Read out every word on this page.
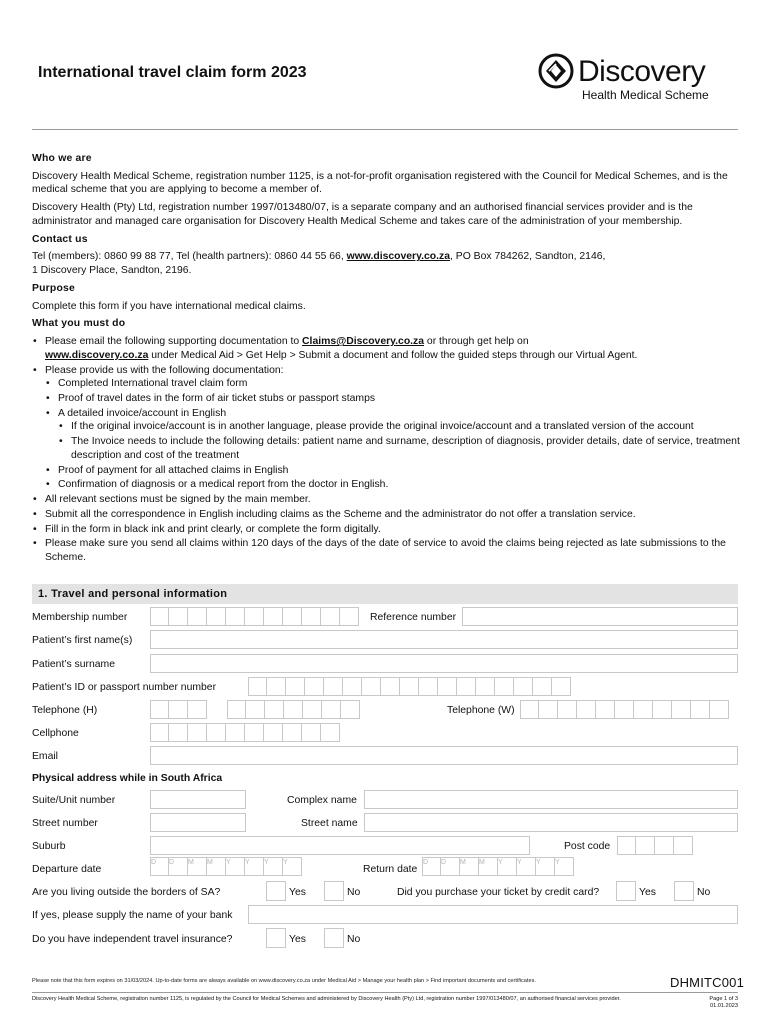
International travel claim form 2023	Discovery
Health Medical Scheme
Who we are

Discovery Health Medical Scheme, registration number 1125, is a not-for-profit organisation registered with the Council for Medical Schemes, and is the medical scheme that you are applying to become a member of.

Discovery Health (Pty) Ltd, registration number 1997/013480/07, is a separate company and an authorised financial services provider and is the administrator and managed care organisation for Discovery Health Medical Scheme and takes care of the administration of your membership.

Contact us

Tel (members): 0860 99 88 77, Tel (health partners): 0860 44 55 66, www.discovery.co.za, PO Box 784262, Sandton, 2146,
1 Discovery Place, Sandton, 2196.

Purpose

Complete this form if you have international medical claims.

What you must do
• Please email the following supporting documentation to Claims@Discovery.co.za or through get help on
www.discovery.co.za under Medical Aid > Get Help > Submit a document and follow the guided steps through our Virtual Agent.
• Please provide us with the following documentation:
• Completed International travel claim form
• Proof of travel dates in the form of air ticket stubs or passport stamps
• A detailed invoice/account in English
• If the original invoice/account is in another language, please provide the original invoice/account and a translated version of the account
• The Invoice needs to include the following details: patient name and surname, description of diagnosis, provider details, date of service, treatment description and cost of the treatment
• Proof of payment for all attached claims in English
• Confirmation of diagnosis or a medical report from the doctor in English.
• All relevant sections must be signed by the main member.
• Submit all the correspondence in English including claims as the Scheme and the administrator do not offer a translation service.
• Fill in the form in black ink and print clearly, or complete the form digitally.
• Please make sure you send all claims within 120 days of the days of the date of service to avoid the claims being rejected as late submissions to the Scheme.
1. Travel and personal information
Membership number	Reference number
Patient’s first name(s)
Patient’s surname
Patient’s ID or passport number number
Telephone (H)	Telephone (W)
Cellphone
Email
Physical address while in South Africa
Suite/Unit number	Complex name
Street number	Street name
Suburb	Post code
Departure date
D D M M Y Y Y Y
Return date
D D M M Y Y Y Y
Are you living outside the borders of SA?	Yes	No	Did you purchase your ticket by credit card?	Yes	No
If yes, please supply the name of your bank
Do you have independent travel insurance?	Yes	No
Please note that this form expires on 31/03/2024. Up-to-date forms are always available on www.discovery.co.za under Medical Aid > Manage your health plan > Find important documents and certificates.	DHMITC001
Discovery Health Medical Scheme, registration number 1125, is regulated by the Council for Medical Schemes and administered by Discovery Health (Pty) Ltd, registration number 1997/013480/07, an authorised financial services provider.	Page 1 of 3
01.01.2023
